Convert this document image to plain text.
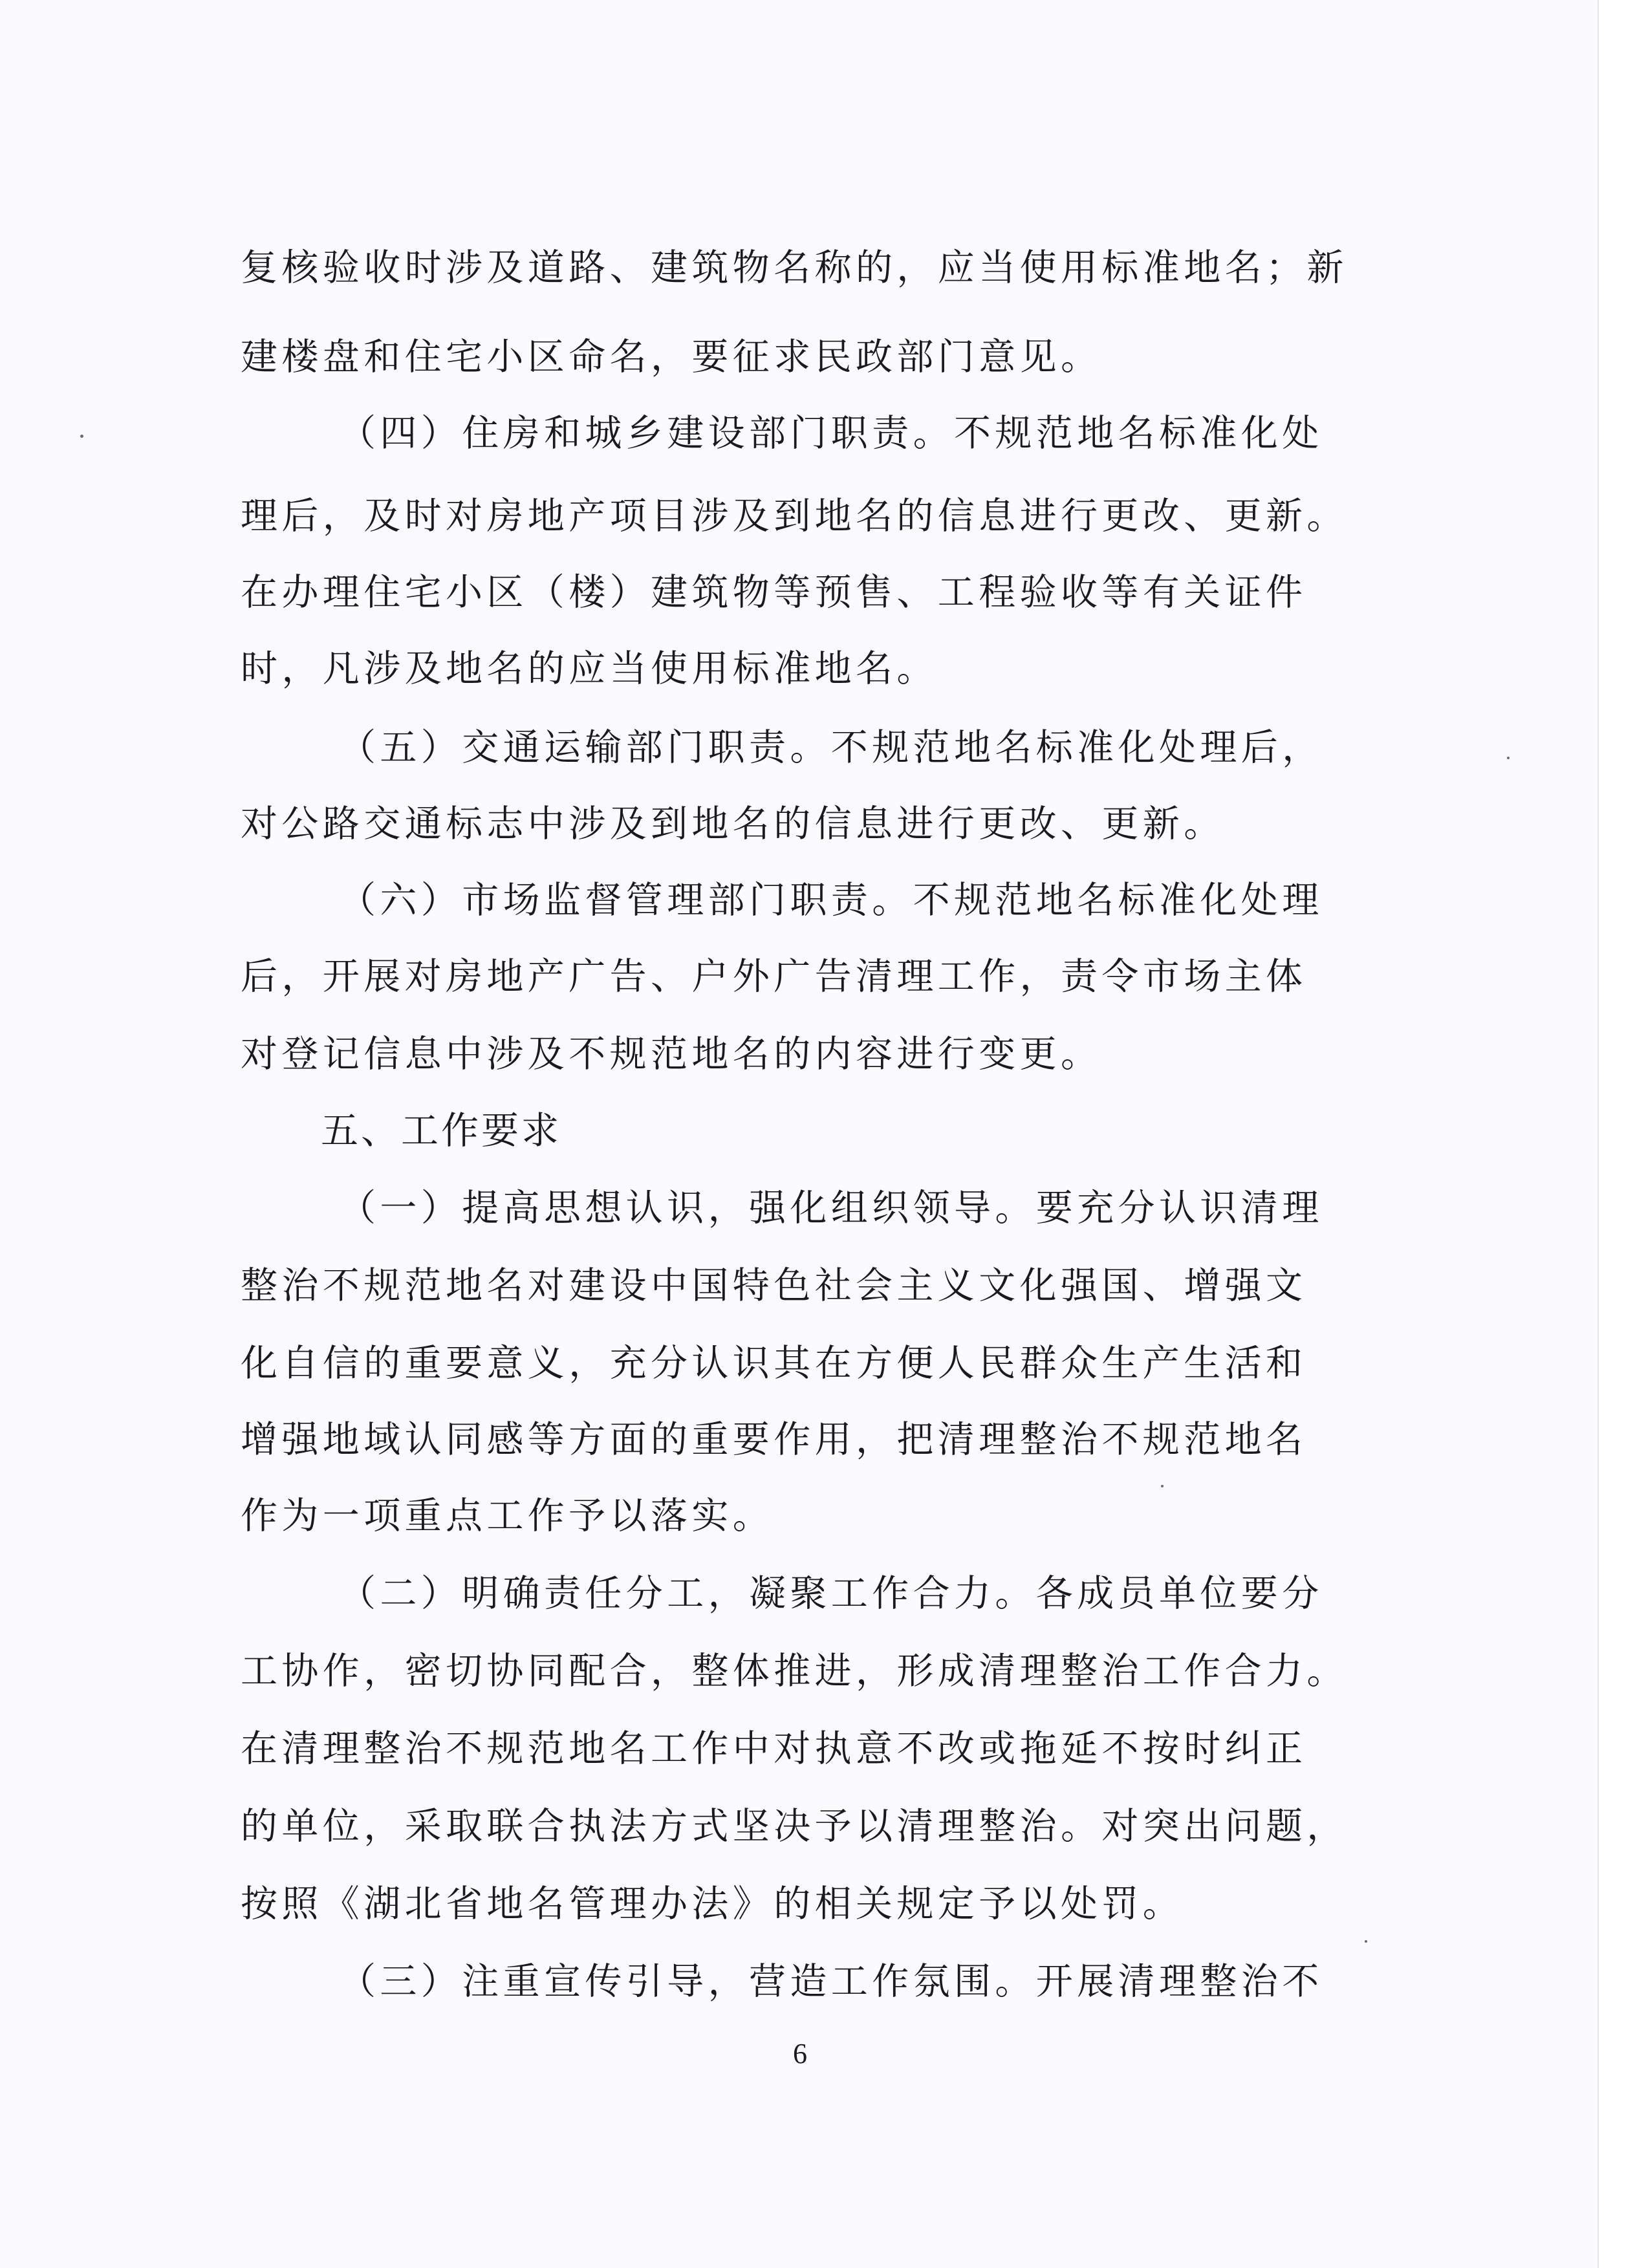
复核验收时涉及道路、建筑物名称的，应当使用标准地名；新
建楼盘和住宅小区命名，要征求民政部门意见。
（四）住房和城乡建设部门职责。不规范地名标准化处
理后，及时对房地产项目涉及到地名的信息进行更改、更新。
在办理住宅小区（楼）建筑物等预售、工程验收等有关证件
时，凡涉及地名的应当使用标准地名。
（五）交通运输部门职责。不规范地名标准化处理后，
对公路交通标志中涉及到地名的信息进行更改、更新。
（六）市场监督管理部门职责。不规范地名标准化处理
后，开展对房地产广告、户外广告清理工作，责令市场主体
对登记信息中涉及不规范地名的内容进行变更。
五、工作要求
（一）提高思想认识，强化组织领导。要充分认识清理
整治不规范地名对建设中国特色社会主义文化强国、增强文
化自信的重要意义，充分认识其在方便人民群众生产生活和
增强地域认同感等方面的重要作用，把清理整治不规范地名
作为一项重点工作予以落实。
（二）明确责任分工，凝聚工作合力。各成员单位要分
工协作，密切协同配合，整体推进，形成清理整治工作合力。
在清理整治不规范地名工作中对执意不改或拖延不按时纠正
的单位，采取联合执法方式坚决予以清理整治。对突出问题，
按照《湖北省地名管理办法》的相关规定予以处罚。
（三）注重宣传引导，营造工作氛围。开展清理整治不
6
